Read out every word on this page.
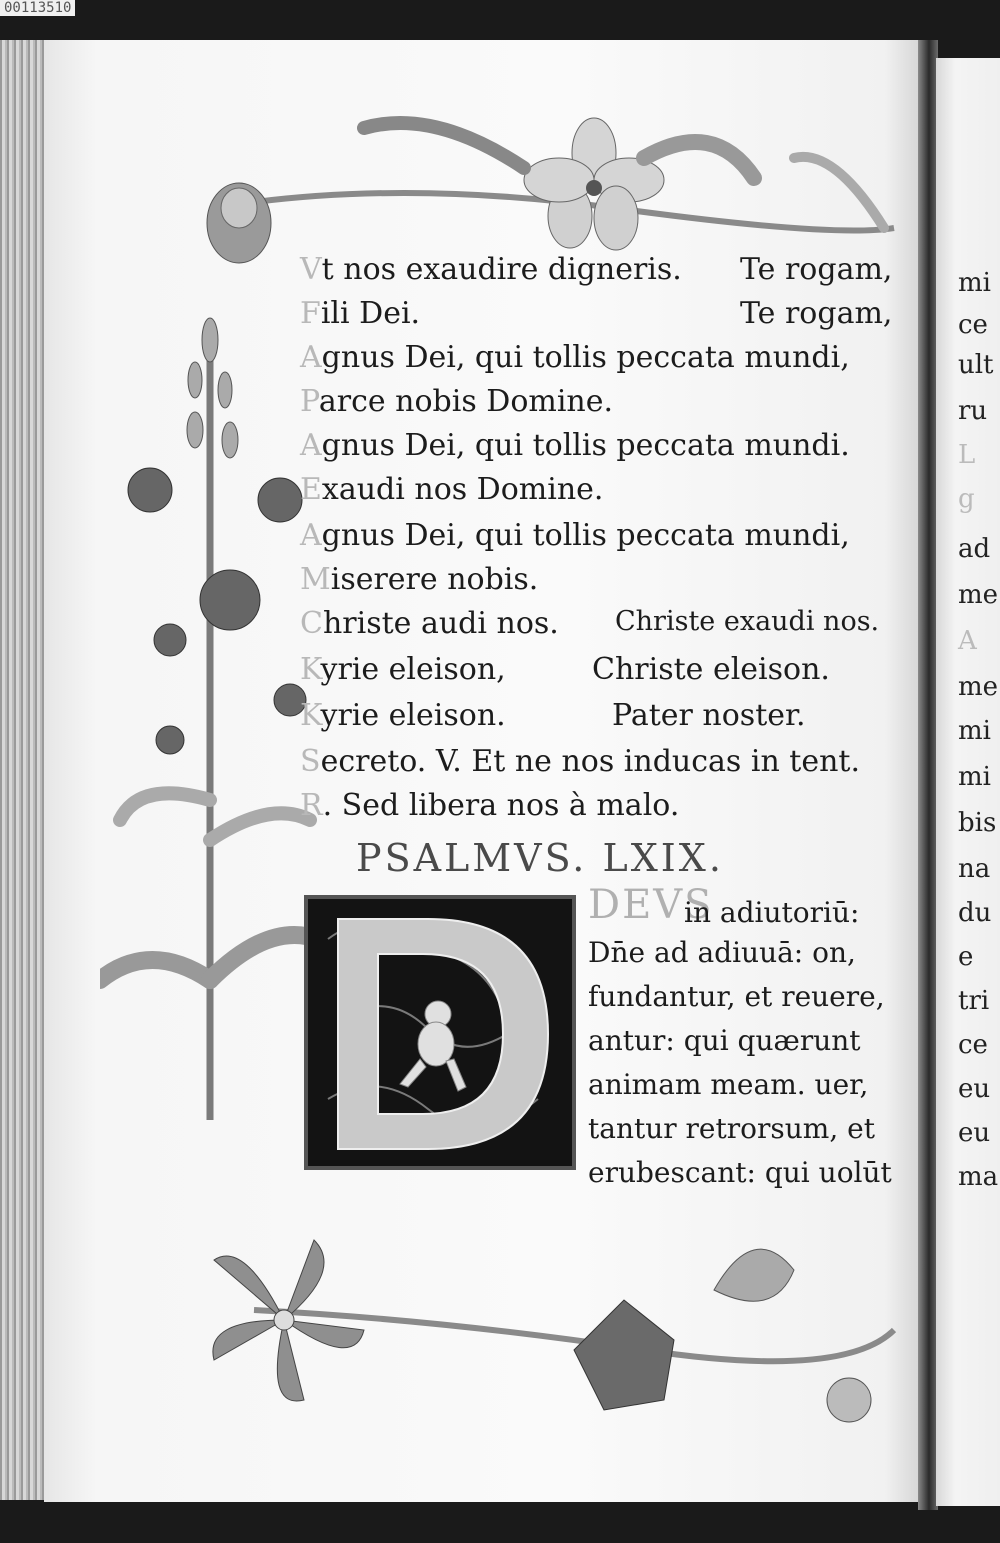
00113510
mi
ce
ult
ru
L
g
ad
me
A
me
mi
mi
bis
na
du
e
tri
ce
eu
eu
ma
Vt nos exaudire digneris. Te rogam,
Fili Dei.	Te rogam,
Agnus Dei, qui tollis peccata mundi,
Parce nobis Domine.
Agnus Dei, qui tollis peccata mundi.
Exaudi nos Domine.
Agnus Dei, qui tollis peccata mundi,
Miserere nobis.
Christe audi nos. Christe exaudi nos.
Kyrie eleison,	Christe eleison.
Kyrie eleison.	Pater noster.
Secreto. V. Et ne nos inducas in tent.
R. Sed libera nos à malo.
PSALMVS. LXIX.
DEVS
in adiutoriū:
Dn̄e ad adiuuā: on,
fundantur, et reuere,
antur: qui quærunt
animam meam. uer,
tantur retrorsum, et
erubescant: qui uolūt
